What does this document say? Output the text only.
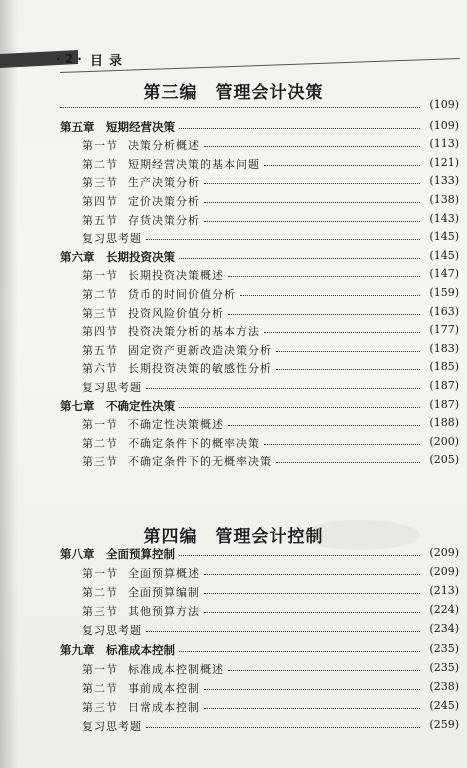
· 2 · 目录
第三编　管理会计决策
(109)
第五章　短期经营决策	(109)
第一节 决策分析概述	(113)
第二节 短期经营决策的基本问题	(121)
第三节 生产决策分析	(133)
第四节 定价决策分析	(138)
第五节 存货决策分析	(143)
复习思考题	(145)
第六章　长期投资决策	(145)
第一节 长期投资决策概述	(147)
第二节 货币的时间价值分析	(159)
第三节 投资风险价值分析	(163)
第四节 投资决策分析的基本方法	(177)
第五节 固定资产更新改造决策分析	(183)
第六节 长期投资决策的敏感性分析	(185)
复习思考题	(187)
第七章　不确定性决策	(187)
第一节 不确定性决策概述	(188)
第二节 不确定条件下的概率决策	(200)
第三节 不确定条件下的无概率决策	(205)
第四编　管理会计控制
第八章　全面预算控制	(209)
第一节 全面预算概述	(209)
第二节 全面预算编制	(213)
第三节 其他预算方法	(224)
复习思考题	(234)
第九章　标准成本控制	(235)
第一节 标准成本控制概述	(235)
第二节 事前成本控制	(238)
第三节 日常成本控制	(245)
复习思考题	(259)
